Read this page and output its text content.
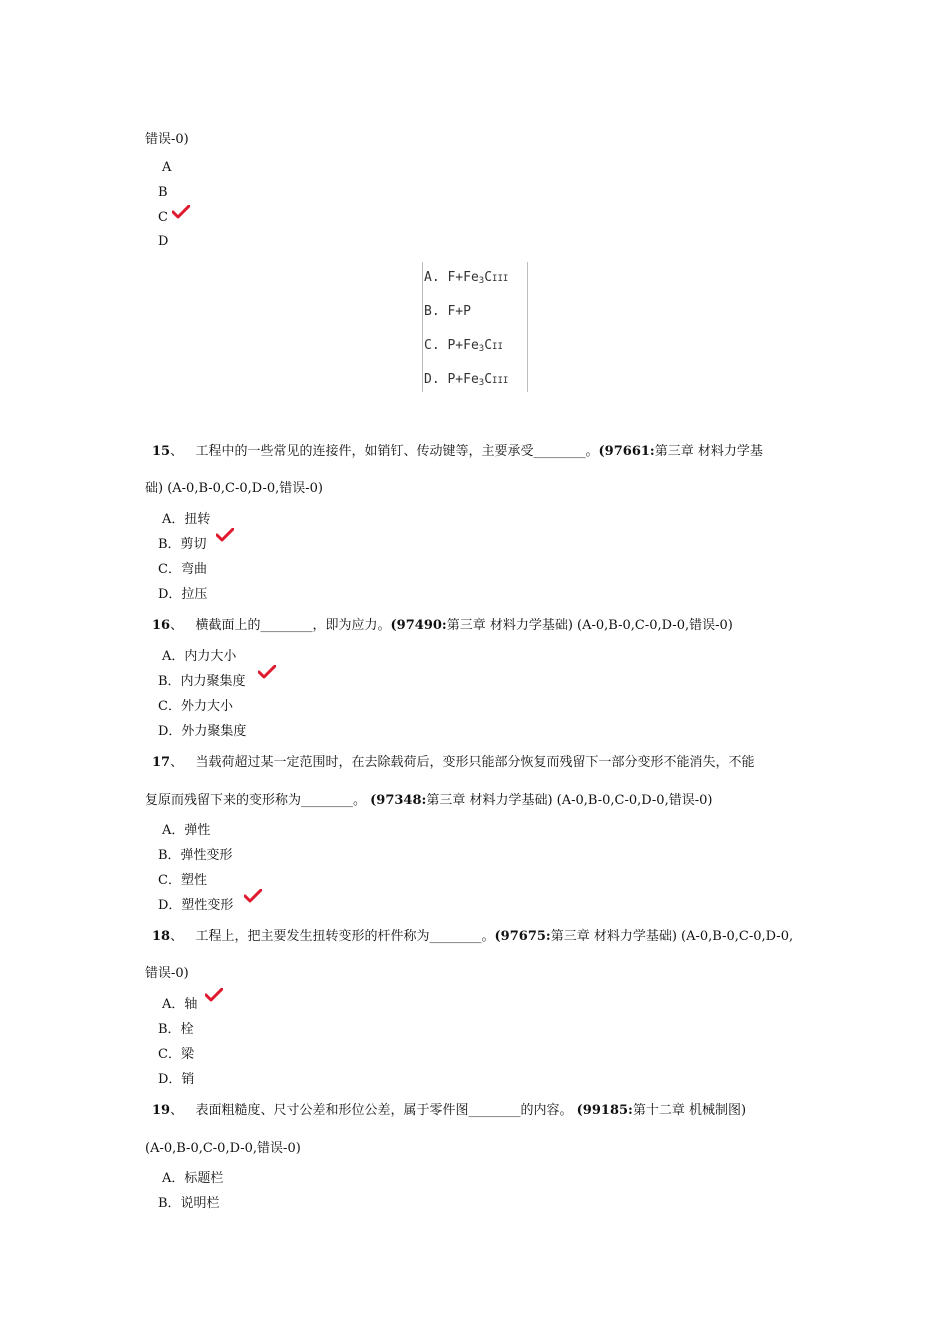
错误-0)
A
B
C
D
A. $F+Fe_3CIII$
B. F+P
C. $P+Fe_3CII$
D. $P+Fe_3CIII$
15、 工程中的一些常见的连接件，如销钉、传动键等，主要承受________。(97661:第三章 材料力学基
础) (A-0,B-0,C-0,D-0,错误-0)
A．扭转
B．剪切
C．弯曲
D．拉压
16、 横截面上的________，即为应力。(97490:第三章 材料力学基础) (A-0,B-0,C-0,D-0,错误-0)
A．内力大小
B．内力聚集度
C．外力大小
D．外力聚集度
17、 当载荷超过某一定范围时，在去除载荷后，变形只能部分恢复而残留下一部分变形不能消失，不能
复原而残留下来的变形称为________。 (97348:第三章 材料力学基础) (A-0,B-0,C-0,D-0,错误-0)
A．弹性
B．弹性变形
C．塑性
D．塑性变形
18、 工程上，把主要发生扭转变形的杆件称为________。(97675:第三章 材料力学基础) (A-0,B-0,C-0,D-0,
错误-0)
A．轴
B．栓
C．梁
D．销
19、 表面粗糙度、尺寸公差和形位公差，属于零件图________的内容。 (99185:第十二章 机械制图)
(A-0,B-0,C-0,D-0,错误-0)
A．标题栏
B．说明栏
